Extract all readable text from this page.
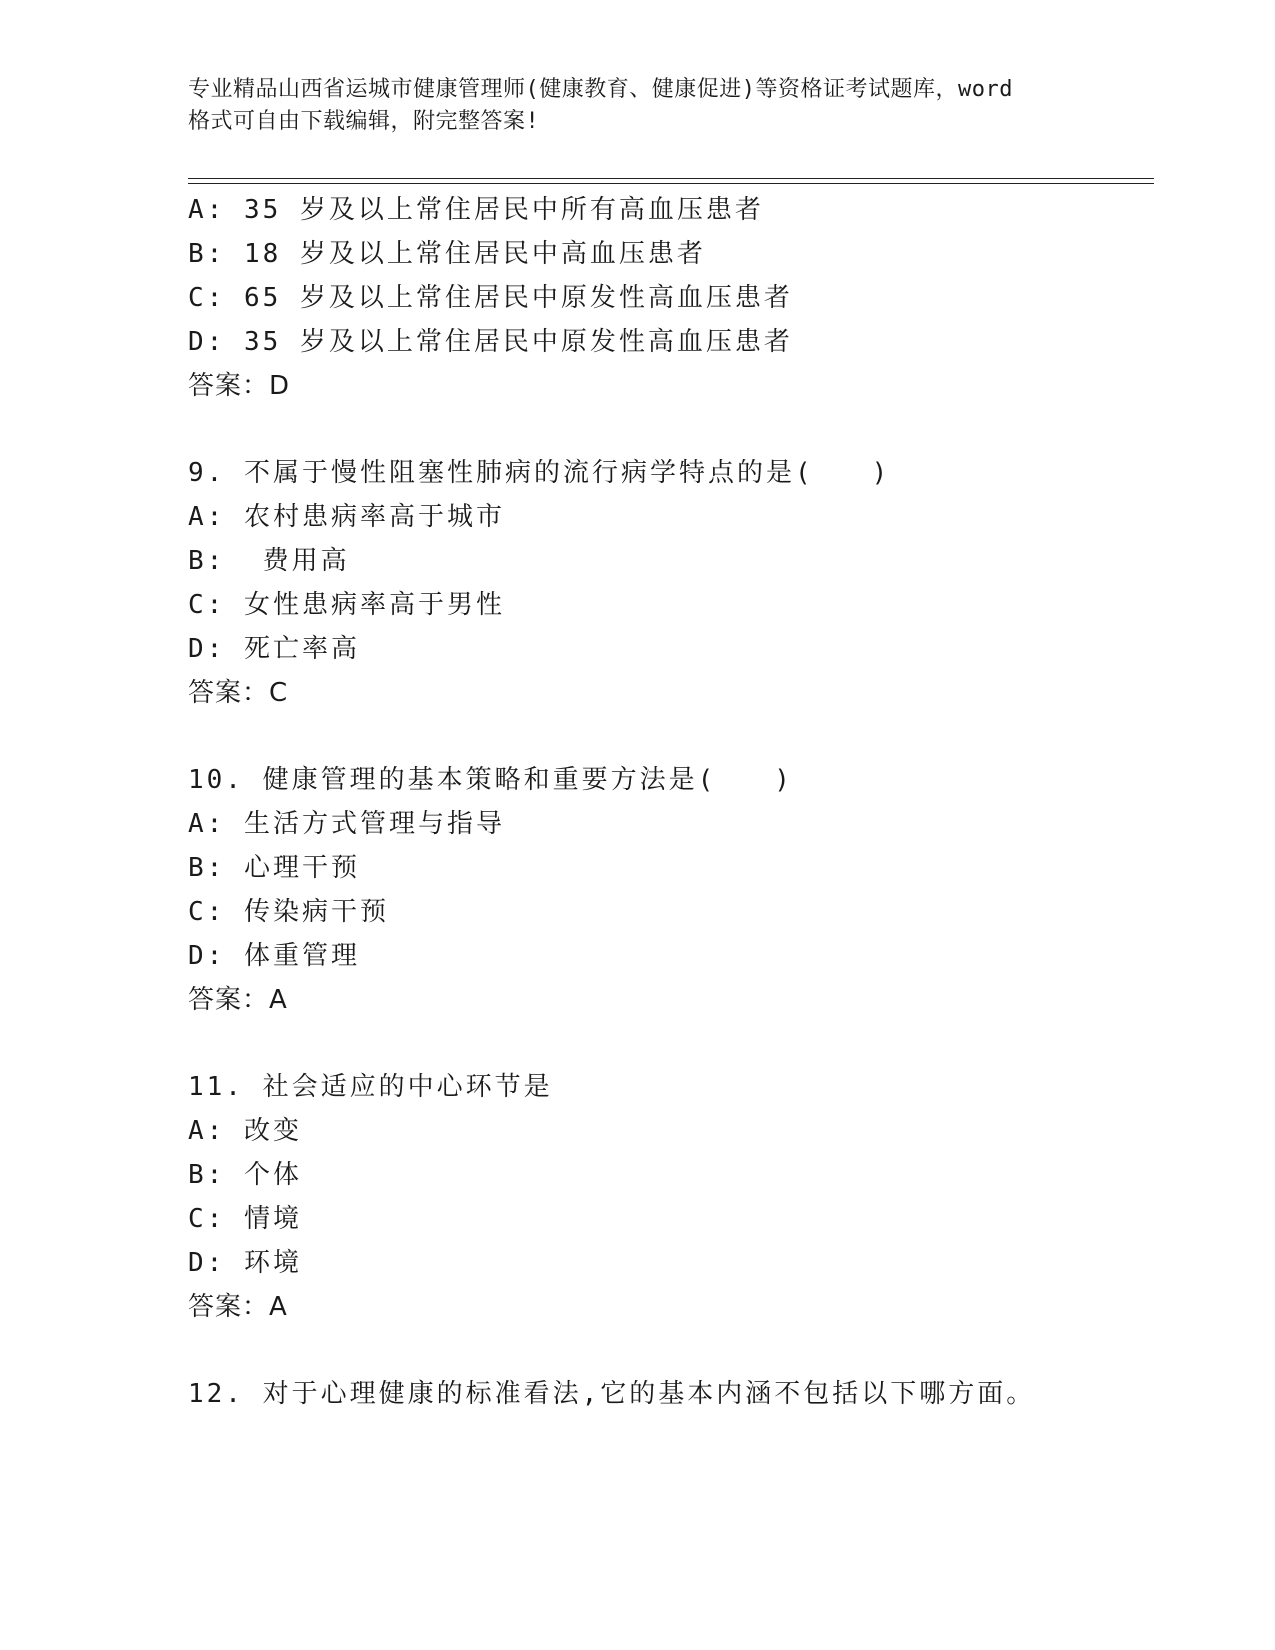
专业精品山西省运城市健康管理师(健康教育、健康促进)等资格证考试题库，word
格式可自由下载编辑，附完整答案!
A: 35 岁及以上常住居民中所有高血压患者
B: 18 岁及以上常住居民中高血压患者
C: 65 岁及以上常住居民中原发性高血压患者
D: 35 岁及以上常住居民中原发性高血压患者
答案：D
9. 不属于慢性阻塞性肺病的流行病学特点的是(　　)
A: 农村患病率高于城市
B:  费用高
C: 女性患病率高于男性
D: 死亡率高
答案：C
10. 健康管理的基本策略和重要方法是(　　)
A: 生活方式管理与指导
B: 心理干预
C: 传染病干预
D: 体重管理
答案：A
11. 社会适应的中心环节是
A: 改变
B: 个体
C: 情境
D: 环境
答案：A
12. 对于心理健康的标准看法,它的基本内涵不包括以下哪方面。
